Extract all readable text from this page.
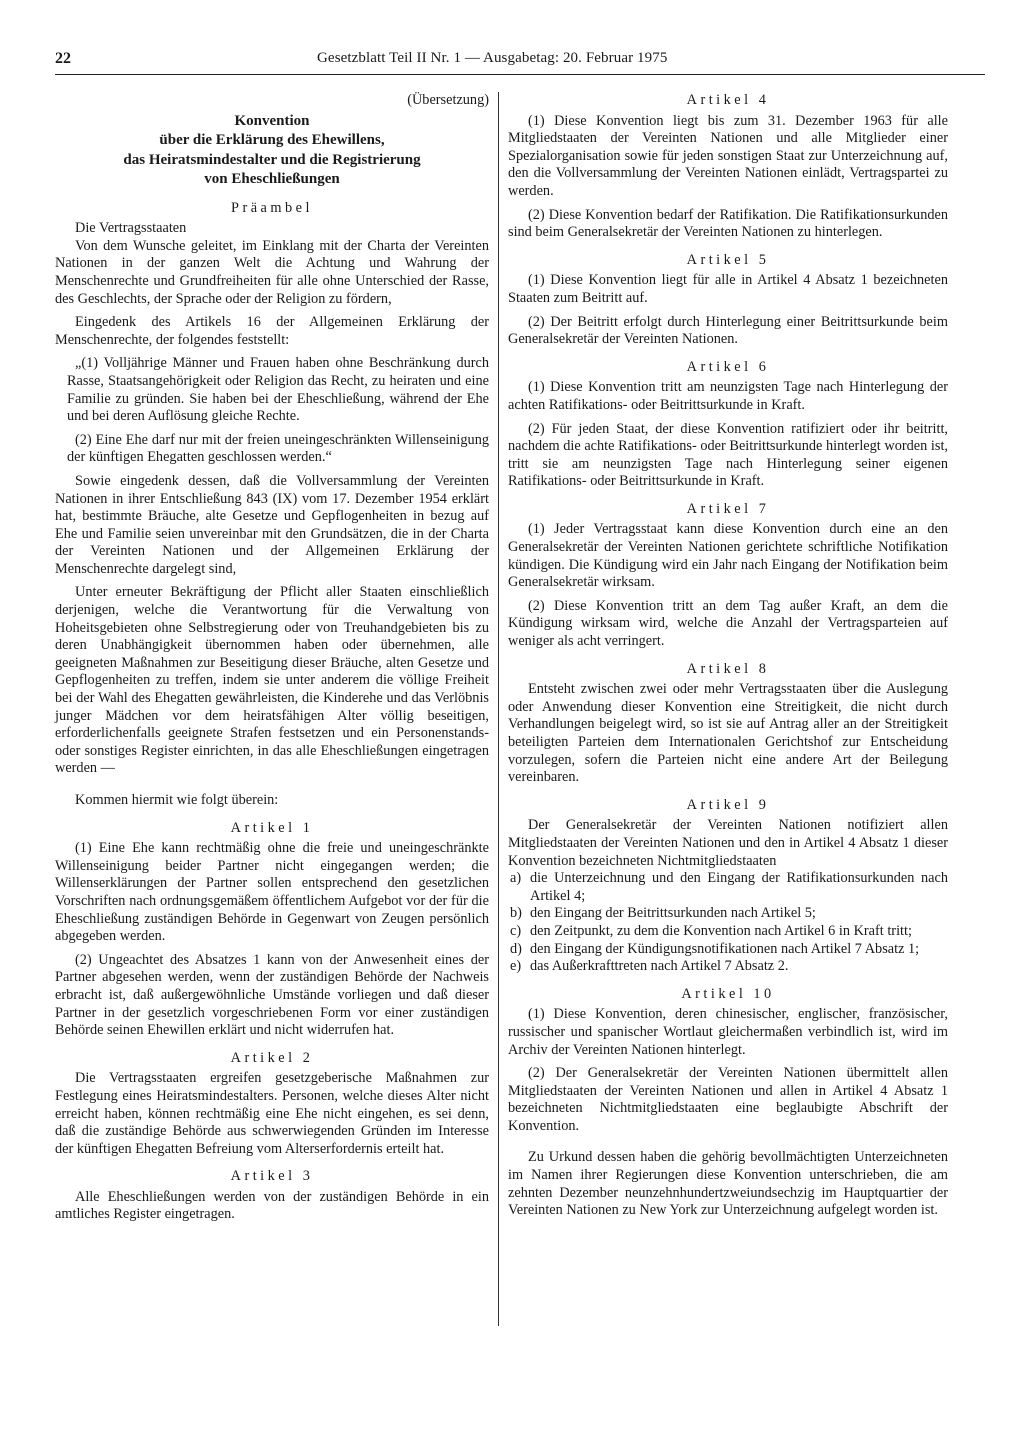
22	Gesetzblatt Teil II Nr. 1 — Ausgabetag: 20. Februar 1975

(Übersetzung)

Konvention
über die Erklärung des Ehewillens,
das Heiratsmindestalter und die Registrierung
von Eheschließungen
Präambel

Die Vertragsstaaten

Von dem Wunsche geleitet, im Einklang mit der Charta der Vereinten Nationen in der ganzen Welt die Achtung und Wahrung der Menschenrechte und Grundfreiheiten für alle ohne Unterschied der Rasse, des Geschlechts, der Sprache oder der Religion zu fördern,

Eingedenk des Artikels 16 der Allgemeinen Erklärung der Menschenrechte, der folgendes feststellt:

„(1) Volljährige Männer und Frauen haben ohne Beschränkung durch Rasse, Staatsangehörigkeit oder Religion das Recht, zu heiraten und eine Familie zu gründen. Sie haben bei der Eheschließung, während der Ehe und bei deren Auflösung gleiche Rechte.

(2) Eine Ehe darf nur mit der freien uneingeschränkten Willenseinigung der künftigen Ehegatten geschlossen werden.“

Sowie eingedenk dessen, daß die Vollversammlung der Vereinten Nationen in ihrer Entschließung 843 (IX) vom 17. Dezember 1954 erklärt hat, bestimmte Bräuche, alte Gesetze und Gepflogenheiten in bezug auf Ehe und Familie seien unvereinbar mit den Grundsätzen, die in der Charta der Vereinten Nationen und der Allgemeinen Erklärung der Menschenrechte dargelegt sind,

Unter erneuter Bekräftigung der Pflicht aller Staaten einschließlich derjenigen, welche die Verantwortung für die Verwaltung von Hoheitsgebieten ohne Selbstregierung oder von Treuhandgebieten bis zu deren Unabhängigkeit übernommen haben oder übernehmen, alle geeigneten Maßnahmen zur Beseitigung dieser Bräuche, alten Gesetze und Gepflogenheiten zu treffen, indem sie unter anderem die völlige Freiheit bei der Wahl des Ehegatten gewährleisten, die Kinderehe und das Verlöbnis junger Mädchen vor dem heiratsfähigen Alter völlig beseitigen, erforderlichenfalls geeignete Strafen festsetzen und ein Personenstands- oder sonstiges Register einrichten, in das alle Eheschließungen eingetragen werden —

Kommen hiermit wie folgt überein:

Artikel 1

(1) Eine Ehe kann rechtmäßig ohne die freie und uneingeschränkte Willenseinigung beider Partner nicht eingegangen werden; die Willenserklärungen der Partner sollen entsprechend den gesetzlichen Vorschriften nach ordnungsgemäßem öffentlichem Aufgebot vor der für die Eheschließung zuständigen Behörde in Gegenwart von Zeugen persönlich abgegeben werden.

(2) Ungeachtet des Absatzes 1 kann von der Anwesenheit eines der Partner abgesehen werden, wenn der zuständigen Behörde der Nachweis erbracht ist, daß außergewöhnliche Umstände vorliegen und daß dieser Partner in der gesetzlich vorgeschriebenen Form vor einer zuständigen Behörde seinen Ehewillen erklärt und nicht widerrufen hat.

Artikel 2

Die Vertragsstaaten ergreifen gesetzgeberische Maßnahmen zur Festlegung eines Heiratsmindestalters. Personen, welche dieses Alter nicht erreicht haben, können rechtmäßig eine Ehe nicht eingehen, es sei denn, daß die zuständige Behörde aus schwerwiegenden Gründen im Interesse der künftigen Ehegatten Befreiung vom Alterserfordernis erteilt hat.

Artikel 3

Alle Eheschließungen werden von der zuständigen Behörde in ein amtliches Register eingetragen.

Artikel 4

(1) Diese Konvention liegt bis zum 31. Dezember 1963 für alle Mitgliedstaaten der Vereinten Nationen und alle Mitglieder einer Spezialorganisation sowie für jeden sonstigen Staat zur Unterzeichnung auf, den die Vollversammlung der Vereinten Nationen einlädt, Vertragspartei zu werden.

(2) Diese Konvention bedarf der Ratifikation. Die Ratifikationsurkunden sind beim Generalsekretär der Vereinten Nationen zu hinterlegen.

Artikel 5

(1) Diese Konvention liegt für alle in Artikel 4 Absatz 1 bezeichneten Staaten zum Beitritt auf.

(2) Der Beitritt erfolgt durch Hinterlegung einer Beitrittsurkunde beim Generalsekretär der Vereinten Nationen.

Artikel 6

(1) Diese Konvention tritt am neunzigsten Tage nach Hinterlegung der achten Ratifikations- oder Beitrittsurkunde in Kraft.

(2) Für jeden Staat, der diese Konvention ratifiziert oder ihr beitritt, nachdem die achte Ratifikations- oder Beitrittsurkunde hinterlegt worden ist, tritt sie am neunzigsten Tage nach Hinterlegung seiner eigenen Ratifikations- oder Beitrittsurkunde in Kraft.

Artikel 7

(1) Jeder Vertragsstaat kann diese Konvention durch eine an den Generalsekretär der Vereinten Nationen gerichtete schriftliche Notifikation kündigen. Die Kündigung wird ein Jahr nach Eingang der Notifikation beim Generalsekretär wirksam.

(2) Diese Konvention tritt an dem Tag außer Kraft, an dem die Kündigung wirksam wird, welche die Anzahl der Vertragsparteien auf weniger als acht verringert.

Artikel 8

Entsteht zwischen zwei oder mehr Vertragsstaaten über die Auslegung oder Anwendung dieser Konvention eine Streitigkeit, die nicht durch Verhandlungen beigelegt wird, so ist sie auf Antrag aller an der Streitigkeit beteiligten Parteien dem Internationalen Gerichtshof zur Entscheidung vorzulegen, sofern die Parteien nicht eine andere Art der Beilegung vereinbaren.

Artikel 9

Der Generalsekretär der Vereinten Nationen notifiziert allen Mitgliedstaaten der Vereinten Nationen und den in Artikel 4 Absatz 1 dieser Konvention bezeichneten Nichtmitgliedstaaten

a) die Unterzeichnung und den Eingang der Ratifikationsurkunden nach Artikel 4;
b) den Eingang der Beitrittsurkunden nach Artikel 5;
c) den Zeitpunkt, zu dem die Konvention nach Artikel 6 in Kraft tritt;
d) den Eingang der Kündigungsnotifikationen nach Artikel 7 Absatz 1;
e) das Außerkrafttreten nach Artikel 7 Absatz 2.
Artikel 10

(1) Diese Konvention, deren chinesischer, englischer, französischer, russischer und spanischer Wortlaut gleichermaßen verbindlich ist, wird im Archiv der Vereinten Nationen hinterlegt.

(2) Der Generalsekretär der Vereinten Nationen übermittelt allen Mitgliedstaaten der Vereinten Nationen und allen in Artikel 4 Absatz 1 bezeichneten Nichtmitgliedstaaten eine beglaubigte Abschrift der Konvention.

Zu Urkund dessen haben die gehörig bevollmächtigten Unterzeichneten im Namen ihrer Regierungen diese Konvention unterschrieben, die am zehnten Dezember neunzehnhundertzweiundsechzig im Hauptquartier der Vereinten Nationen zu New York zur Unterzeichnung aufgelegt worden ist.
